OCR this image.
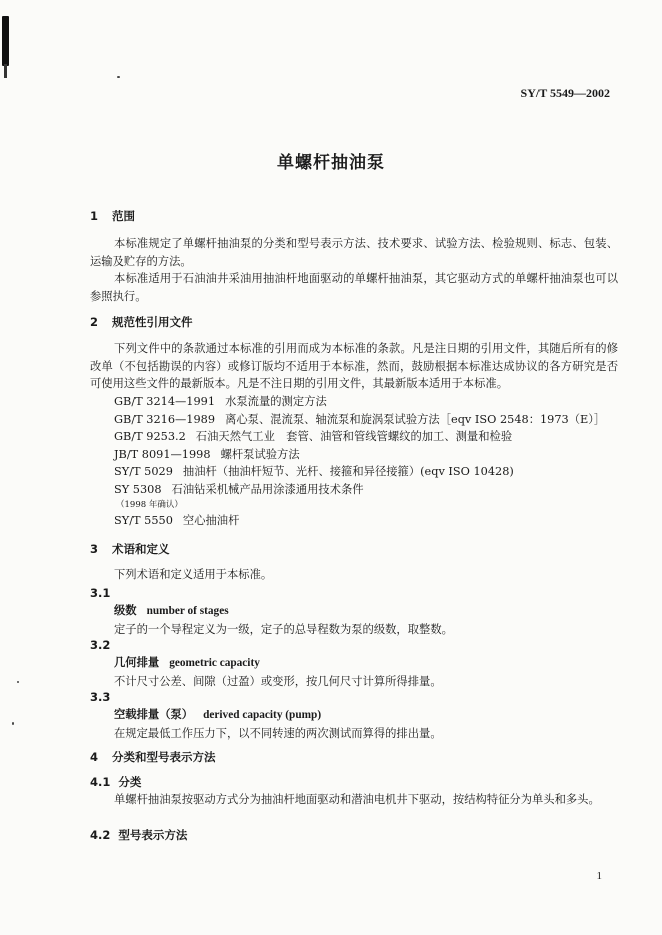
SY/T 5549—2002
单螺杆抽油泵
1 范围
本标准规定了单螺杆抽油泵的分类和型号表示方法、技术要求、试验方法、检验规则、标志、包装、运输及贮存的方法。
本标准适用于石油油井采油用抽油杆地面驱动的单螺杆抽油泵，其它驱动方式的单螺杆抽油泵也可以参照执行。
2 规范性引用文件
下列文件中的条款通过本标准的引用而成为本标准的条款。凡是注日期的引用文件，其随后所有的修改单（不包括勘误的内容）或修订版均不适用于本标准，然而，鼓励根据本标准达成协议的各方研究是否可使用这些文件的最新版本。凡是不注日期的引用文件，其最新版本适用于本标准。
GB/T 3214—1991 水泵流量的测定方法
GB/T 3216—1989 离心泵、混流泵、轴流泵和旋涡泵试验方法［eqv ISO 2548：1973（E）］
GB/T 9253.2 石油天然气工业　套管、油管和管线管螺纹的加工、测量和检验
JB/T 8091—1998 螺杆泵试验方法
SY/T 5029 抽油杆（抽油杆短节、光杆、接箍和异径接箍）(eqv ISO 10428)
SY 5308 石油钻采机械产品用涂漆通用技术条件
（1998 年确认）
SY/T 5550 空心抽油杆
3 术语和定义
下列术语和定义适用于本标准。
3.1
级数 number of stages
定子的一个导程定义为一级，定子的总导程数为泵的级数，取整数。
3.2
几何排量 geometric capacity
不计尺寸公差、间隙（过盈）或变形，按几何尺寸计算所得排量。
3.3
空载排量（泵） derived capacity (pump)
在规定最低工作压力下，以不同转速的两次测试而算得的排出量。
4 分类和型号表示方法
4.1 分类
单螺杆抽油泵按驱动方式分为抽油杆地面驱动和潜油电机井下驱动，按结构特征分为单头和多头。
4.2 型号表示方法
1
